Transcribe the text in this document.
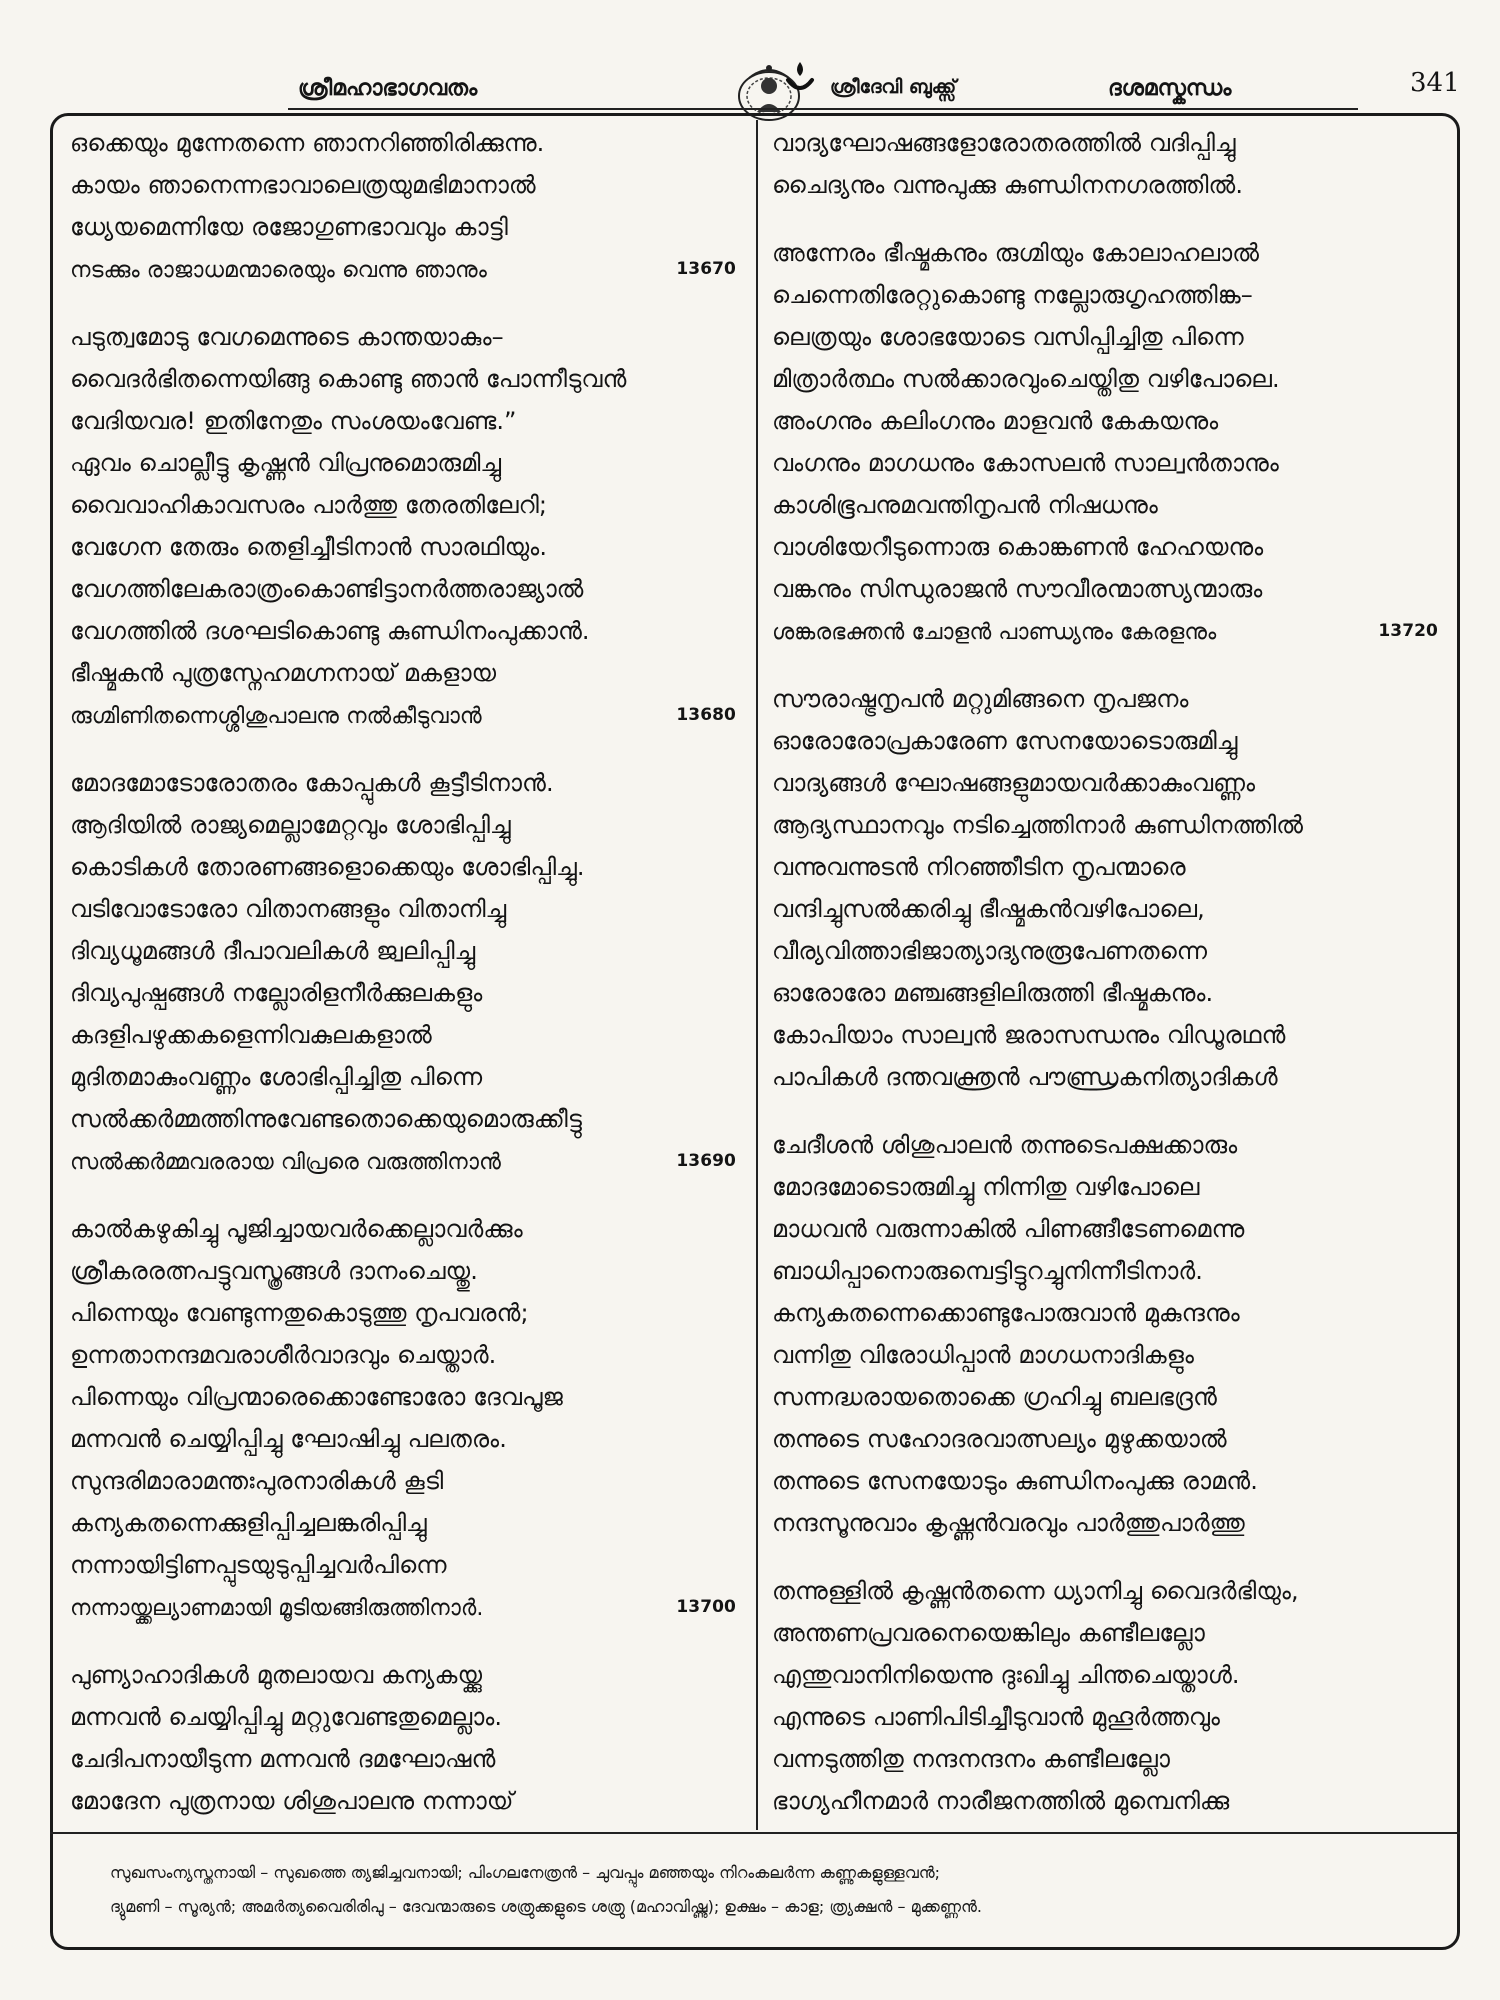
ശ്രീമഹാഭാഗവതം	ശ്രീദേവി ബുക്ക്സ്	ദശമസ്കന്ധം	341
ഒക്കെയും മുന്നേതന്നെ ഞാനറിഞ്ഞിരിക്കുന്നു.
കായം ഞാനെന്നഭാവാലെത്രയുമഭിമാനാൽ
ധ്യേയമെന്നിയേ രജോഗുണഭാവവും കാട്ടി
നടക്കും രാജാധമന്മാരെയും വെന്നു ഞാനും	13670
പടുത്വമോടു വേഗമെന്നുടെ കാന്തയാകും–
വൈദർഭിതന്നെയിങ്ങു കൊണ്ടു ഞാൻ പോന്നീടുവൻ
വേദിയവര! ഇതിനേതും സംശയംവേണ്ട.”
ഏവം ചൊല്ലീട്ടു കൃഷ്ണൻ വിപ്രനുമൊരുമിച്ചു
വൈവാഹികാവസരം പാർത്തു തേരതിലേറി;
വേഗേന തേരും തെളിച്ചീടിനാൻ സാരഥിയും.
വേഗത്തിലേകരാത്രംകൊണ്ടിട്ടാനർത്തരാജ്യാൽ
വേഗത്തിൽ ദശഘടികൊണ്ടു കുണ്ഡിനംപുക്കാൻ.
ഭീഷ്മകൻ പുത്രസ്നേഹമഗ്നനായ് മകളായ
രുഗ്മിണിതന്നെശ്ശിശുപാലനു നൽകീടുവാൻ	13680
മോദമോടോരോതരം കോപ്പുകൾ കൂട്ടീടിനാൻ.
ആദിയിൽ രാജ്യമെല്ലാമേറ്റവും ശോഭിപ്പിച്ചു
കൊടികൾ തോരണങ്ങളൊക്കെയും ശോഭിപ്പിച്ചു.
വടിവോടോരോ വിതാനങ്ങളും വിതാനിച്ചു
ദിവ്യധൂമങ്ങൾ ദീപാവലികൾ ജ്വലിപ്പിച്ചു
ദിവ്യപുഷ്പങ്ങൾ നല്ലോരിളനീർക്കുലകളും
കദളിപഴുക്കകളെന്നിവകുലകളാൽ
മുദിതമാകുംവണ്ണം ശോഭിപ്പിച്ചിതു പിന്നെ
സൽക്കർമ്മത്തിന്നുവേണ്ടതൊക്കെയുമൊരുക്കീട്ടു
സൽക്കർമ്മവരരായ വിപ്രരെ വരുത്തിനാൻ	13690
കാൽകഴുകിച്ചു പൂജിച്ചായവർക്കെല്ലാവർക്കും
ശ്രീകരരത്നപട്ടുവസ്ത്രങ്ങൾ ദാനംചെയ്തു.
പിന്നെയും വേണ്ടുന്നതുകൊടുത്തു നൃപവരൻ;
ഉന്നതാനന്ദമവരാശീർവാദവും ചെയ്താർ.
പിന്നെയും വിപ്രന്മാരെക്കൊണ്ടോരോ ദേവപൂജ
മന്നവൻ ചെയ്യിപ്പിച്ചു ഘോഷിച്ചു പലതരം.
സുന്ദരിമാരാമന്തഃപുരനാരികൾ കൂടി
കന്യകതന്നെക്കുളിപ്പിച്ചലങ്കരിപ്പിച്ചു
നന്നായിട്ടിണപ്പുടയുടുപ്പിച്ചവർപിന്നെ
നന്നായ്ക്കല്യാണമായി മൂടിയങ്ങിരുത്തിനാർ.	13700
പുണ്യാഹാദികൾ മുതലായവ കന്യകയ്ക്കു
മന്നവൻ ചെയ്യിപ്പിച്ചു മറ്റുവേണ്ടതുമെല്ലാം.
ചേദിപനായീടുന്ന മന്നവൻ ദമഘോഷൻ
മോദേന പുത്രനായ ശിശുപാലനു നന്നായ്
വാദ്യഘോഷങ്ങളോരോതരത്തിൽ വദിപ്പിച്ചു
ചൈദ്യനും വന്നുപുക്കു കുണ്ഡിനനഗരത്തിൽ.
അന്നേരം ഭീഷ്മകനും രുഗ്മിയും കോലാഹലാൽ
ചെന്നെതിരേറ്റുകൊണ്ടു നല്ലോരുഗൃഹത്തിങ്ക–
ലെത്രയും ശോഭയോടെ വസിപ്പിച്ചിതു പിന്നെ
മിത്രാർത്ഥം സൽക്കാരവുംചെയ്തിതു വഴിപോലെ.
അംഗനും കലിംഗനും മാളവൻ കേകയനും
വംഗനും മാഗധനും കോസലൻ സാല്വൻതാനും
കാശിഭൂപനുമവന്തിനൃപൻ നിഷധനും
വാശിയേറീടുന്നൊരു കൊങ്കണൻ ഹേഹയനും
വങ്കനും സിന്ധുരാജൻ സൗവീരന്മാത്സ്യന്മാരും
ശങ്കരഭക്തൻ ചോളൻ പാണ്ഡ്യനും കേരളനും	13720
സൗരാഷ്ട്രനൃപൻ മറ്റുമിങ്ങനെ നൃപജനം
ഓരോരോപ്രകാരേണ സേനയോടൊരുമിച്ചു
വാദ്യങ്ങൾ ഘോഷങ്ങളുമായവർക്കാകുംവണ്ണം
ആദ്യസ്ഥാനവും നടിച്ചെത്തിനാർ കുണ്ഡിനത്തിൽ
വന്നുവന്നുടൻ നിറഞ്ഞീടിന നൃപന്മാരെ
വന്ദിച്ചുസൽക്കരിച്ചു ഭീഷ്മകൻവഴിപോലെ,
വീര്യവിത്താഭിജാത്യാദ്യനുരൂപേണതന്നെ
ഓരോരോ മഞ്ചങ്ങളിലിരുത്തി ഭീഷ്മകനും.
കോപിയാം സാല്വൻ ജരാസന്ധനും വിഡൂരഥൻ
പാപികൾ ദന്തവക്ത്രൻ പൗണ്ഡ്രകനിത്യാദികൾ
ചേദീശൻ ശിശുപാലൻ തന്നുടെപക്ഷക്കാരും
മോദമോടൊരുമിച്ചു നിന്നിതു വഴിപോലെ
മാധവൻ വരുന്നാകിൽ പിണങ്ങീടേണമെന്നു
ബാധിപ്പാനൊരുമ്പെട്ടിട്ടുറച്ചുനിന്നീടിനാർ.
കന്യകതന്നെക്കൊണ്ടുപോരുവാൻ മുകുന്ദനും
വന്നിതു വിരോധിപ്പാൻ മാഗധനാദികളും
സന്നദ്ധരായതൊക്കെ ഗ്രഹിച്ചു ബലഭദ്രൻ
തന്നുടെ സഹോദരവാത്സല്യം മുഴുക്കയാൽ
തന്നുടെ സേനയോടും കുണ്ഡിനംപുക്കു രാമൻ.
നന്ദസൂനുവാം കൃഷ്ണൻവരവും പാർത്തുപാർത്തു
തന്നുള്ളിൽ കൃഷ്ണൻതന്നെ ധ്യാനിച്ചു വൈദർഭിയും,
അന്തണപ്രവരനെയെങ്കിലും കണ്ടീലല്ലോ
എന്തുവാനിനിയെന്നു ദുഃഖിച്ചു ചിന്തചെയ്താൾ.
എന്നുടെ പാണിപിടിച്ചീടുവാൻ മുഹൂർത്തവും
വന്നടുത്തിതു നന്ദനന്ദനം കണ്ടീലല്ലോ
ഭാഗ്യഹീനമാർ നാരീജനത്തിൽ മുമ്പെനിക്കു
സുഖസംന്യസ്തനായി – സുഖത്തെ ത്യജിച്ചവനായി; പിംഗലനേത്രൻ – ചുവപ്പും മഞ്ഞയും നിറംകലർന്ന കണ്ണുകളുള്ളവൻ;
ദ്യുമണി – സൂര്യൻ; അമർത്യവൈരിരിപു – ദേവന്മാരുടെ ശത്രുക്കളുടെ ശത്രു (മഹാവിഷ്ണു); ഉക്ഷം – കാള; ത്ര്യക്ഷൻ – മുക്കണ്ണൻ.
